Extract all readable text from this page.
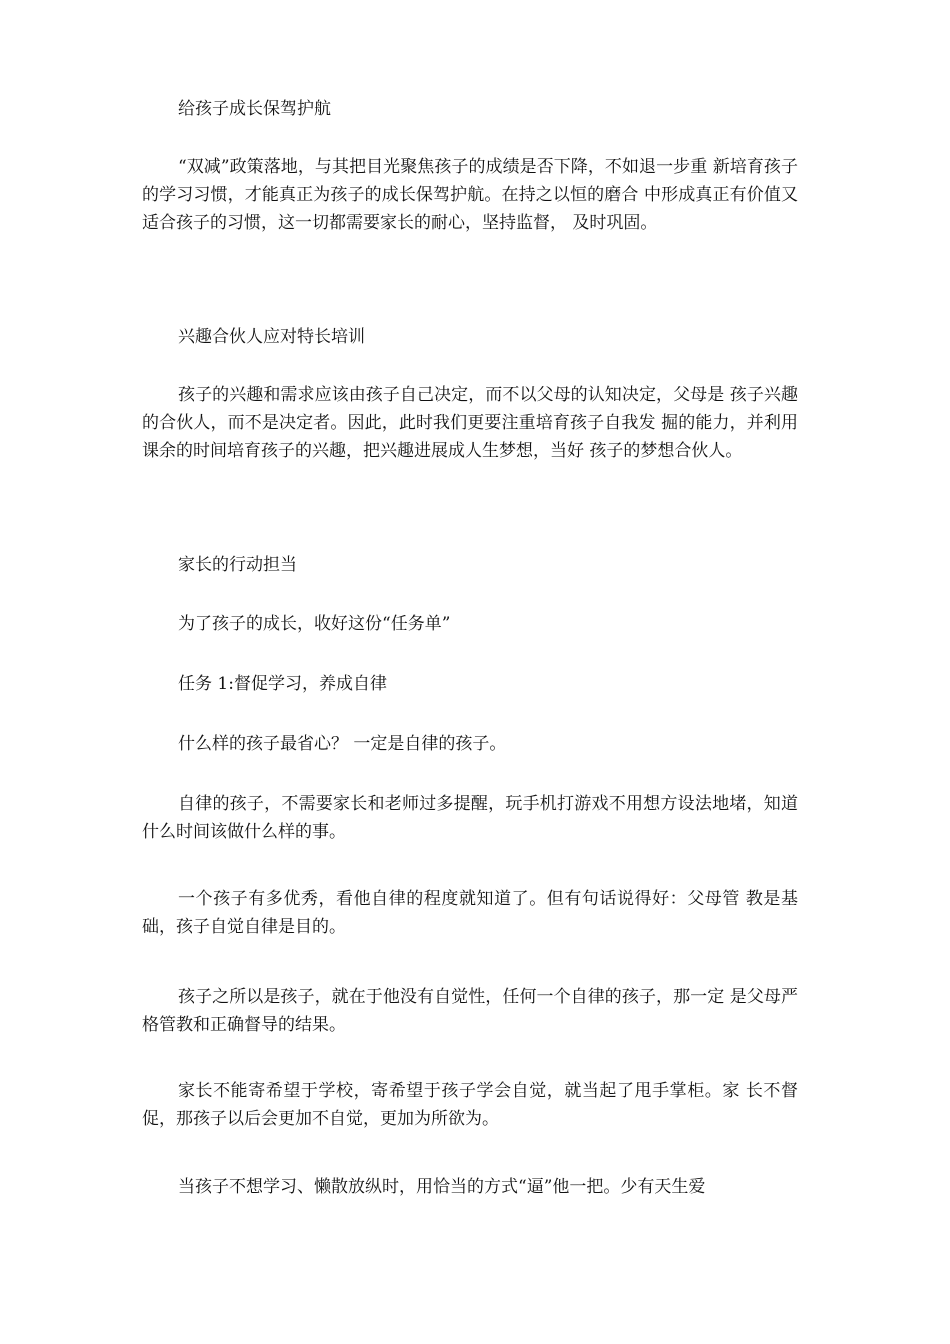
给孩子成长保驾护航

“双减”政策落地，与其把目光聚焦孩子的成绩是否下降，不如退一步重 新培育孩子的学习习惯，才能真正为孩子的成长保驾护航。在持之以恒的磨合 中形成真正有价值又适合孩子的习惯，这一切都需要家长的耐心，坚持监督， 及时巩固。

兴趣合伙人应对特长培训

孩子的兴趣和需求应该由孩子自己决定，而不以父母的认知决定，父母是 孩子兴趣的合伙人，而不是决定者。因此，此时我们更要注重培育孩子自我发 掘的能力，并利用课余的时间培育孩子的兴趣，把兴趣进展成人生梦想，当好 孩子的梦想合伙人。

家长的行动担当

为了孩子的成长，收好这份“任务单”

任务 1:督促学习，养成自律

什么样的孩子最省心？ 一定是自律的孩子。

自律的孩子，不需要家长和老师过多提醒，玩手机打游戏不用想方设法地堵，知道什么时间该做什么样的事。

一个孩子有多优秀，看他自律的程度就知道了。但有句话说得好：父母管 教是基础，孩子自觉自律是目的。

孩子之所以是孩子，就在于他没有自觉性，任何一个自律的孩子，那一定 是父母严格管教和正确督导的结果。

家长不能寄希望于学校，寄希望于孩子学会自觉，就当起了甩手掌柜。家 长不督促，那孩子以后会更加不自觉，更加为所欲为。

当孩子不想学习、懒散放纵时，用恰当的方式“逼”他一把。少有天生爱
